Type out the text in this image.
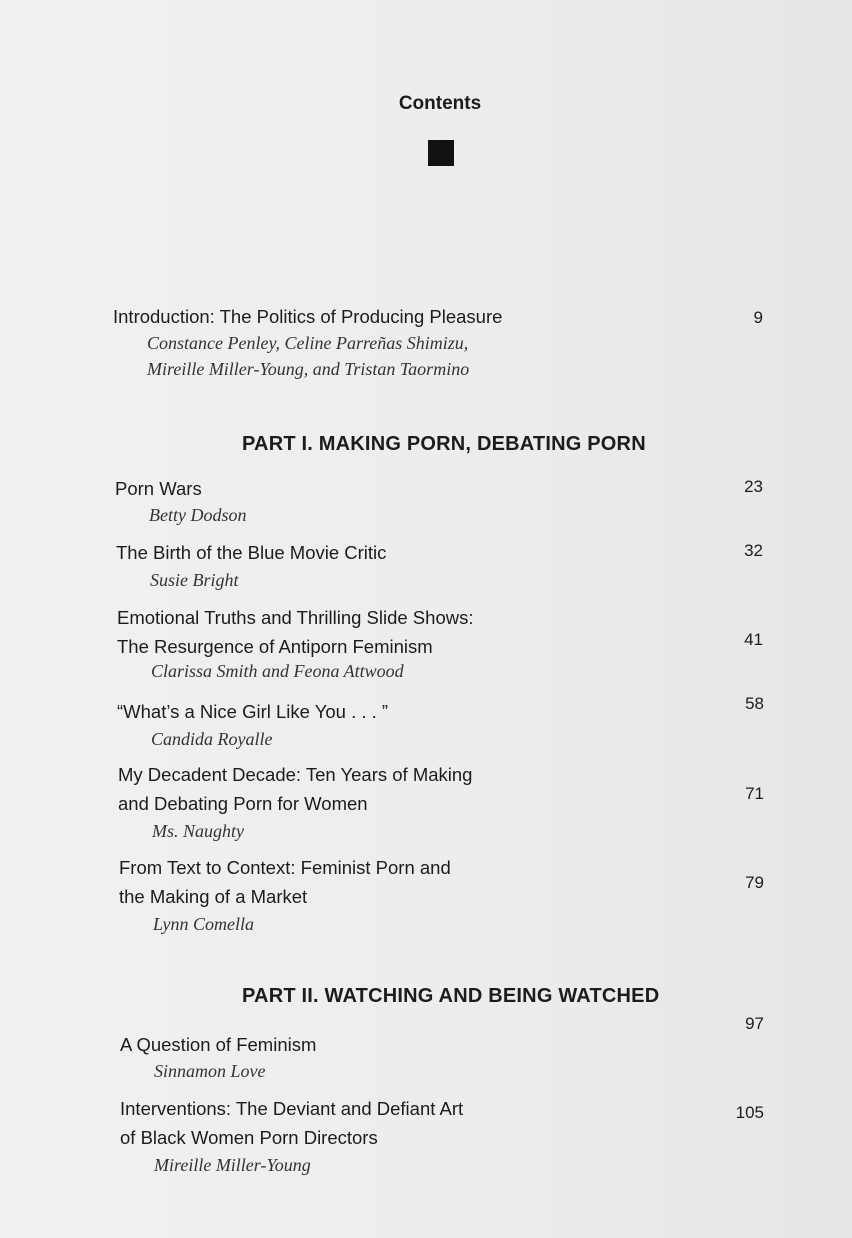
Contents
Introduction: The Politics of Producing Pleasure
Constance Penley, Celine Parreñas Shimizu,
Mireille Miller-Young, and Tristan Taormino
9
PART I. MAKING PORN, DEBATING PORN
Porn Wars
Betty Dodson
23
The Birth of the Blue Movie Critic
Susie Bright
32
Emotional Truths and Thrilling Slide Shows:
The Resurgence of Antiporn Feminism
Clarissa Smith and Feona Attwood
41
“What’s a Nice Girl Like You . . . ”
Candida Royalle
58
My Decadent Decade: Ten Years of Making
and Debating Porn for Women
Ms. Naughty
71
From Text to Context: Feminist Porn and
the Making of a Market
Lynn Comella
79
PART II. WATCHING AND BEING WATCHED
A Question of Feminism
Sinnamon Love
97
Interventions: The Deviant and Defiant Art
of Black Women Porn Directors
Mireille Miller-Young
105
